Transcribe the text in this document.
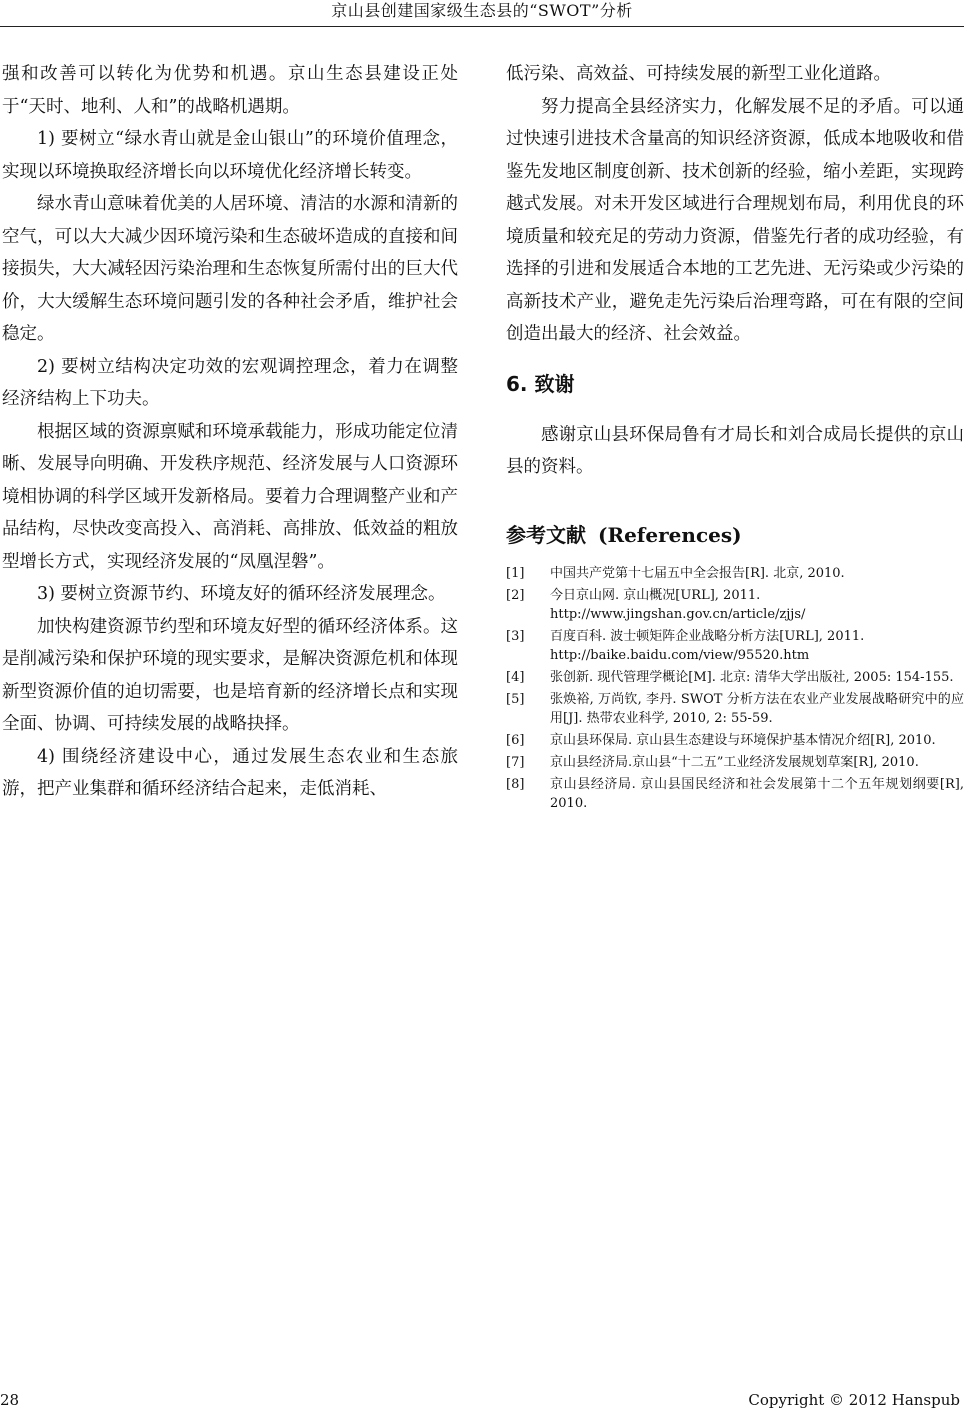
京山县创建国家级生态县的“SWOT”分析

强和改善可以转化为优势和机遇。京山生态县建设正处于“天时、地利、人和”的战略机遇期。

1) 要树立“绿水青山就是金山银山”的环境价值理念，实现以环境换取经济增长向以环境优化经济增长转变。

绿水青山意味着优美的人居环境、清洁的水源和清新的空气，可以大大减少因环境污染和生态破坏造成的直接和间接损失，大大减轻因污染治理和生态恢复所需付出的巨大代价，大大缓解生态环境问题引发的各种社会矛盾，维护社会稳定。

2) 要树立结构决定功效的宏观调控理念，着力在调整经济结构上下功夫。

根据区域的资源禀赋和环境承载能力，形成功能定位清晰、发展导向明确、开发秩序规范、经济发展与人口资源环境相协调的科学区域开发新格局。要着力合理调整产业和产品结构，尽快改变高投入、高消耗、高排放、低效益的粗放型增长方式，实现经济发展的“凤凰涅磐”。

3) 要树立资源节约、环境友好的循环经济发展理念。

加快构建资源节约型和环境友好型的循环经济体系。这是削减污染和保护环境的现实要求，是解决资源危机和体现新型资源价值的迫切需要，也是培育新的经济增长点和实现全面、协调、可持续发展的战略抉择。

4) 围绕经济建设中心，通过发展生态农业和生态旅游，把产业集群和循环经济结合起来，走低消耗、

低污染、高效益、可持续发展的新型工业化道路。

努力提高全县经济实力，化解发展不足的矛盾。可以通过快速引进技术含量高的知识经济资源，低成本地吸收和借鉴先发地区制度创新、技术创新的经验，缩小差距，实现跨越式发展。对未开发区域进行合理规划布局，利用优良的环境质量和较充足的劳动力资源，借鉴先行者的成功经验，有选择的引进和发展适合本地的工艺先进、无污染或少污染的高新技术产业，避免走先污染后治理弯路，可在有限的空间创造出最大的经济、社会效益。

6. 致谢

感谢京山县环保局鲁有才局长和刘合成局长提供的京山县的资料。

参考文献 (References)
[1] 中国共产党第十七届五中全会报告[R]. 北京, 2010.
[2] 今日京山网. 京山概况[URL], 2011.
http://www.jingshan.gov.cn/article/zjjs/
[3] 百度百科. 波士顿矩阵企业战略分析方法[URL], 2011.
http://baike.baidu.com/view/95520.htm
[4] 张创新. 现代管理学概论[M]. 北京: 清华大学出版社, 2005: 154-155.
[5] 张焕裕, 万尚钦, 李丹. SWOT 分析方法在农业产业发展战略研究中的应用[J]. 热带农业科学, 2010, 2: 55-59.
[6] 京山县环保局. 京山县生态建设与环境保护基本情况介绍[R], 2010.
[7] 京山县经济局.京山县“十二五”工业经济发展规划草案[R], 2010.
[8] 京山县经济局. 京山县国民经济和社会发展第十二个五年规划纲要[R], 2010.
28	Copyright © 2012 Hanspub
